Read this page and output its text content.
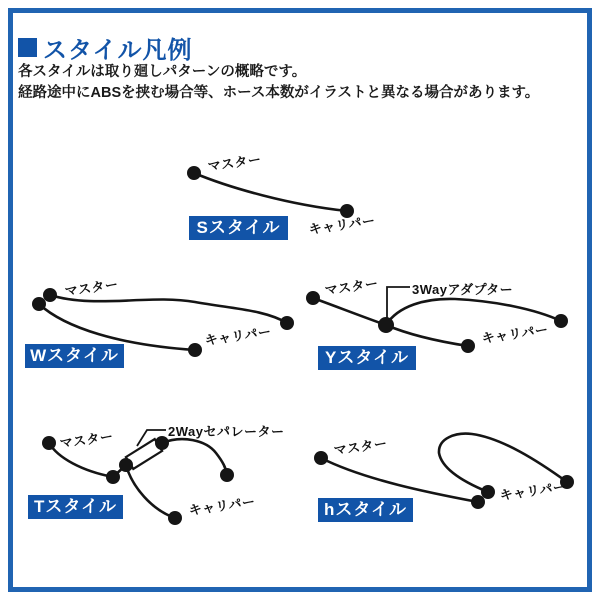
スタイル凡例
各スタイルは取り廻しパターンの概略です。
経路途中にABSを挟む場合等、ホース本数がイラストと異なる場合があります。
マスター
キャリパー
マスター
キャリパー
マスター	3Wayアダプター
キャリパー
マスター	2Wayセパレーター
キャリパー
マスター
キャリパー
Sスタイル
Wスタイル	Yスタイル
Tスタイル	hスタイル
